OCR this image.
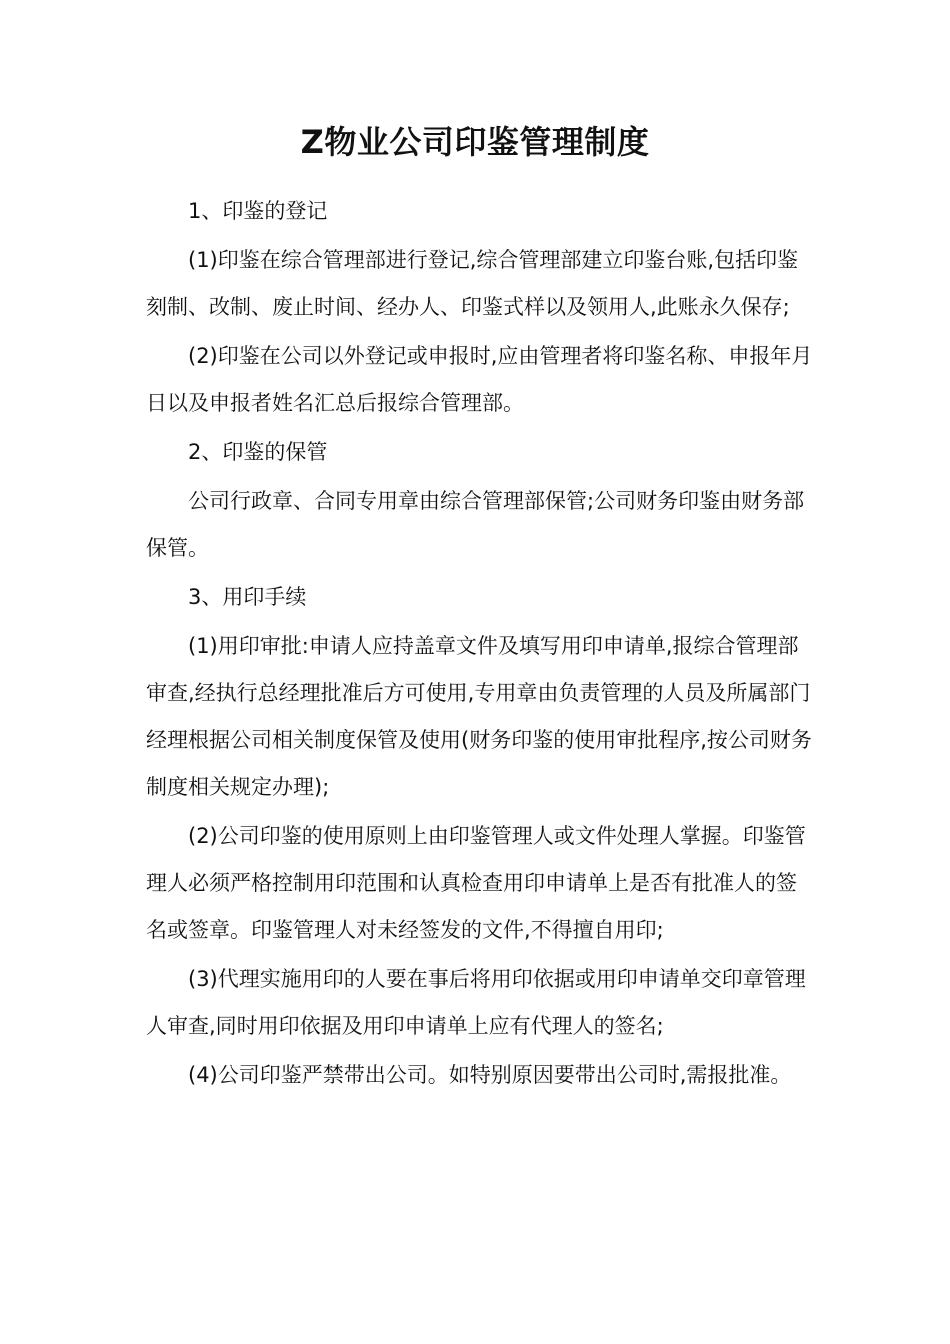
Z物业公司印鉴管理制度

1、印鉴的登记

(1)印鉴在综合管理部进行登记,综合管理部建立印鉴台账,包括印鉴刻制、改制、废止时间、经办人、印鉴式样以及领用人,此账永久保存;

(2)印鉴在公司以外登记或申报时,应由管理者将印鉴名称、申报年月日以及申报者姓名汇总后报综合管理部。

2、印鉴的保管

公司行政章、合同专用章由综合管理部保管;公司财务印鉴由财务部保管。

3、用印手续

(1)用印审批:申请人应持盖章文件及填写用印申请单,报综合管理部审查,经执行总经理批准后方可使用,专用章由负责管理的人员及所属部门经理根据公司相关制度保管及使用(财务印鉴的使用审批程序,按公司财务制度相关规定办理);

(2)公司印鉴的使用原则上由印鉴管理人或文件处理人掌握。印鉴管理人必须严格控制用印范围和认真检查用印申请单上是否有批准人的签名或签章。印鉴管理人对未经签发的文件,不得擅自用印;

(3)代理实施用印的人要在事后将用印依据或用印申请单交印章管理人审查,同时用印依据及用印申请单上应有代理人的签名;

(4)公司印鉴严禁带出公司。如特别原因要带出公司时,需报批准。
